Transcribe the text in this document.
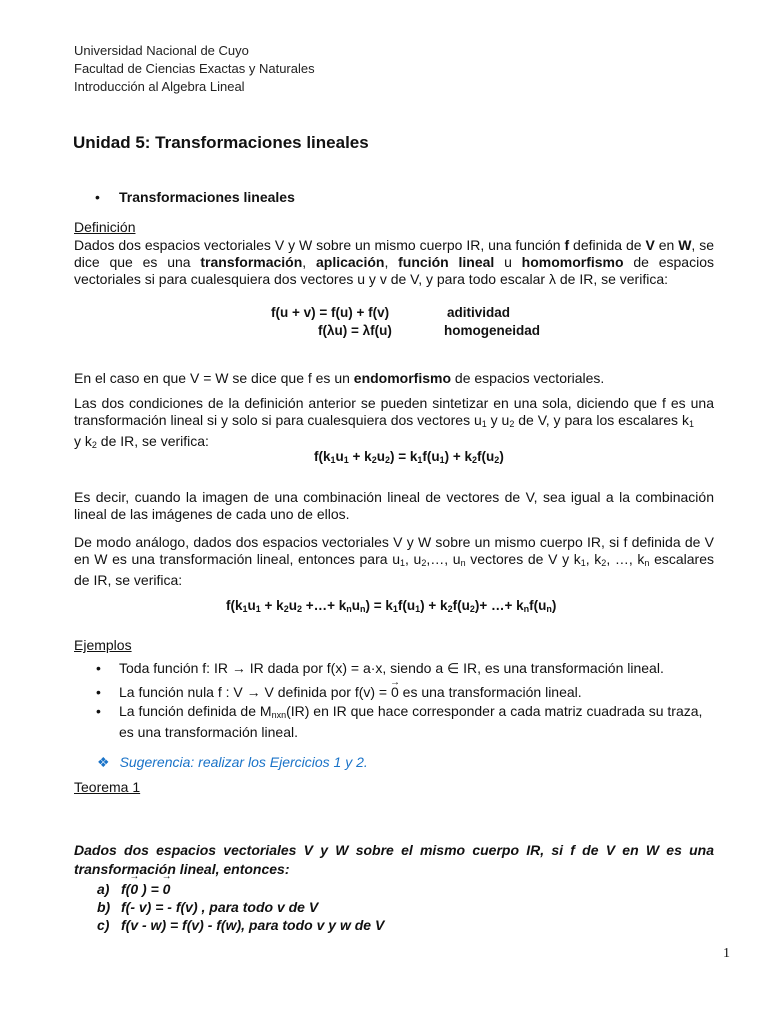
Universidad Nacional de Cuyo
Facultad de Ciencias Exactas y Naturales
Introducción al Algebra Lineal
Unidad 5: Transformaciones lineales
• Transformaciones lineales
Definición
Dados dos espacios vectoriales V y W sobre un mismo cuerpo IR, una función f definida de V en W, se dice que es una transformación, aplicación, función lineal u homomorfismo de espacios vectoriales si para cualesquiera dos vectores u y v de V, y para todo escalar λ de IR, se verifica:
f(u + v) = f(u) + f(v)	aditividad
f(λu) = λf(u)	homogeneidad
En el caso en que V = W se dice que f es un endomorfismo de espacios vectoriales.
Las dos condiciones de la definición anterior se pueden sintetizar en una sola, diciendo que f es una transformación lineal si y solo si para cualesquiera dos vectores $u_1$ y $u_2$ de V, y para los escalares $k_1$
y $k_2$ de IR, se verifica:
$f(k_1u_1 + k_2u_2) = k_1f(u_1) + k_2f(u_2)$
Es decir, cuando la imagen de una combinación lineal de vectores de V, sea igual a la combinación lineal de las imágenes de cada uno de ellos.
De modo análogo, dados dos espacios vectoriales V y W sobre un mismo cuerpo IR, si f definida de V en W es una transformación lineal, entonces para $u_1$, $u_2,\dots$, $u_n$ vectores de V y $k_1$, $k_2$, …, $k_n$ escalares de IR, se verifica:
$f(k_1u_1 + k_2u_2$ +…+ $k_nu_n) = k_1f(u_1) + k_2f(u_2)+$ …+ $k_nf(u_n)$
Ejemplos
• Toda función f: IR → IR dada por f(x) = a·x, siendo a ∈ IR, es una transformación lineal.
• La función nula f : V → V definida por f(v) = → 0 es una transformación lineal.
• La función definida de $M_{nxn}(IR)$ en IR que hace corresponder a cada matriz cuadrada su traza, es una transformación lineal.
❖ Sugerencia: realizar los Ejercicios 1 y 2.
Teorema 1
Dados dos espacios vectoriales V y W sobre el mismo cuerpo IR, si f de V en W es una transformación lineal, entonces:
a) f(→ 0 ) = → 0
b) f(- v) = - f(v) , para todo v de V
c) f(v - w) = f(v) - f(w), para todo v y w de V
1
